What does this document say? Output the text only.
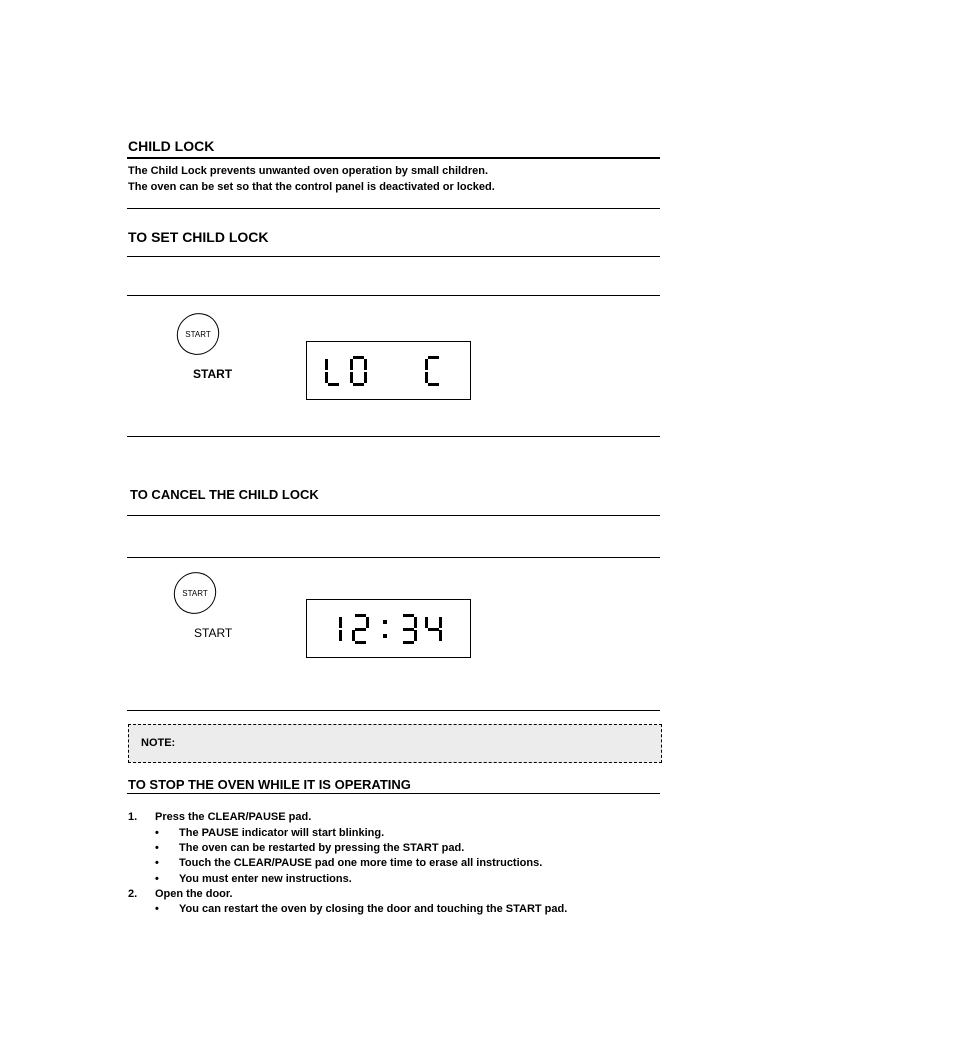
CHILD LOCK
The Child Lock prevents unwanted oven operation by small children.
The oven can be set so that the control panel is deactivated or locked.
TO SET CHILD LOCK
START
START
TO CANCEL THE CHILD LOCK
START
START
NOTE:
TO STOP THE OVEN WHILE IT IS OPERATING
1. Press the CLEAR/PAUSE pad.
• The PAUSE indicator will start blinking.
• The oven can be restarted by pressing the START pad.
• Touch the CLEAR/PAUSE pad one more time to erase all instructions.
• You must enter new instructions.
2. Open the door.
• You can restart the oven by closing the door and touching the START pad.
